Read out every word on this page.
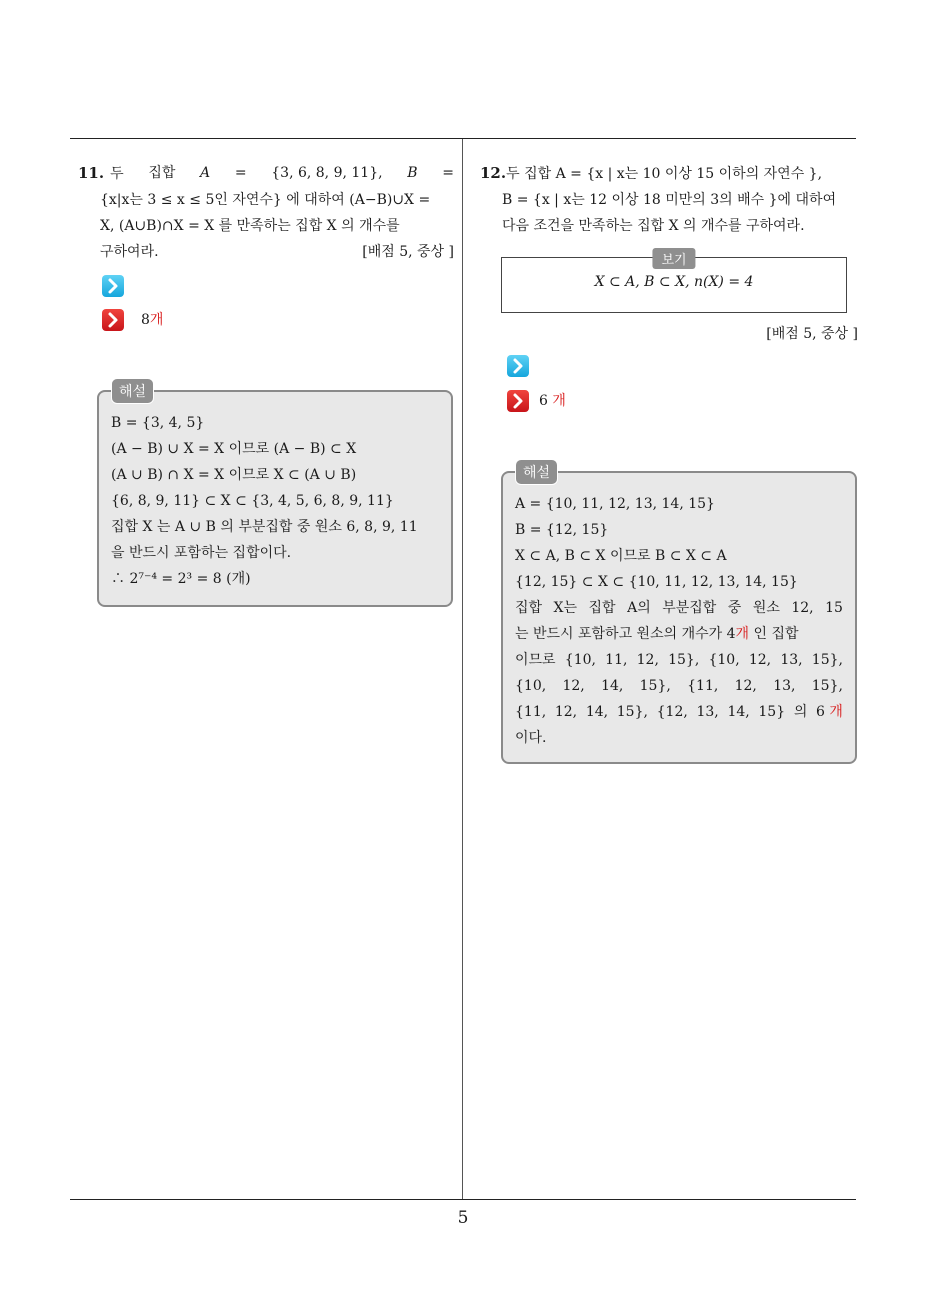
11. 두 집합 A = {3, 6, 8, 9, 11}, B =
{x|x는 3 ≤ x ≤ 5인 자연수} 에 대하여 (A−B)∪X =
X, (A∪B)∩X = X 를 만족하는 집합 X 의 개수를
구하여라.	[배점 5, 중상 ]
8개
해설
B = {3, 4, 5}
(A − B) ∪ X = X 이므로 (A − B) ⊂ X
(A ∪ B) ∩ X = X 이므로 X ⊂ (A ∪ B)
{6, 8, 9, 11} ⊂ X ⊂ {3, 4, 5, 6, 8, 9, 11}
집합 X 는 A ∪ B 의 부분집합 중 원소 6, 8, 9, 11
을 반드시 포함하는 집합이다.
∴ 2⁷⁻⁴ = 2³ = 8 (개)
12.두 집합 A = {x | x는 10 이상 15 이하의 자연수 },
B = {x | x는 12 이상 18 미만의 3의 배수 }에 대하여
다음 조건을 만족하는 집합 X 의 개수를 구하여라.
보기
X ⊂ A, B ⊂ X, n(X) = 4
[배점 5, 중상 ]
6 개
해설
A = {10, 11, 12, 13, 14, 15}
B = {12, 15}
X ⊂ A, B ⊂ X 이므로 B ⊂ X ⊂ A
{12, 15} ⊂ X ⊂ {10, 11, 12, 13, 14, 15}
집합 X는 집합 A의 부분집합 중 원소 12, 15
는 반드시 포함하고 원소의 개수가 4개 인 집합
이므로 {10, 11, 12, 15}, {10, 12, 13, 15},
{10, 12, 14, 15}, {11, 12, 13, 15},
{11, 12, 14, 15}, {12, 13, 14, 15} 의 6 개
이다.
5
